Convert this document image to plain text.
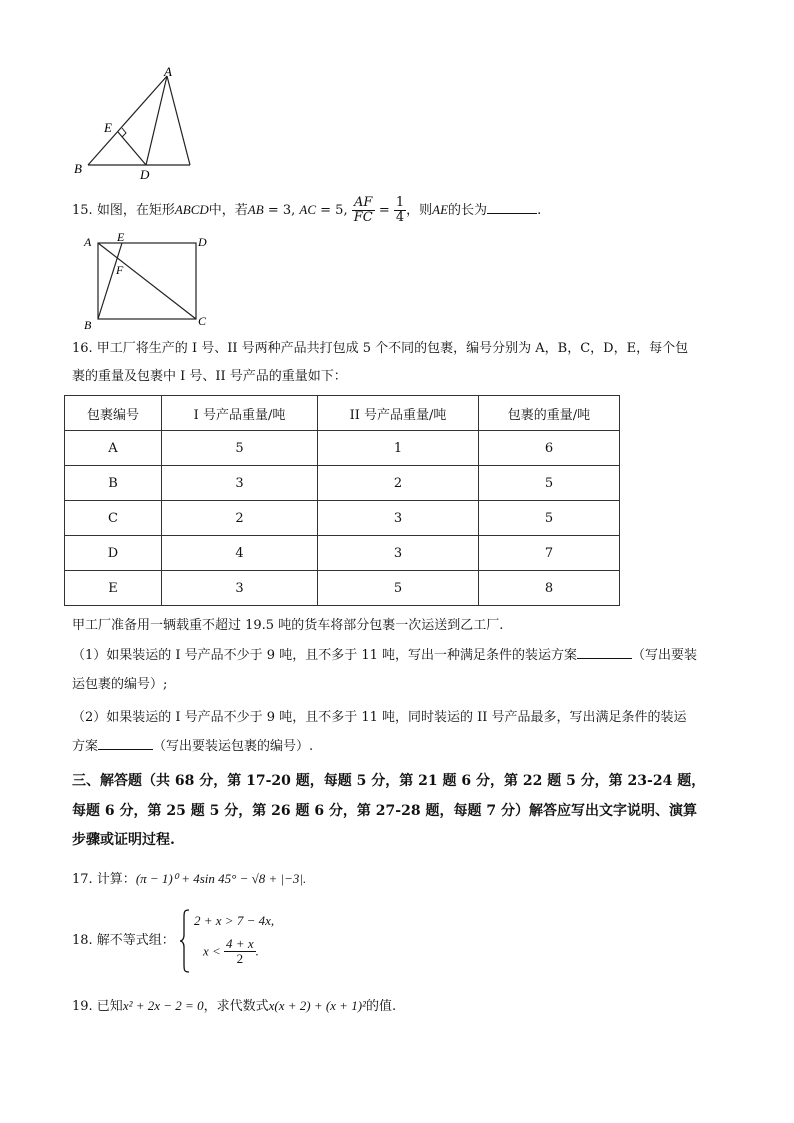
A
E
B	D
15. 如图，在矩形ABCD中，若AB = 3, AC = 5, $\frac{AF}{FC} = \frac{1}{4}$ ，则AE的长为	.
A E	D
F
B	C
16. 甲工厂将生产的 I 号、II 号两种产品共打包成 5 个不同的包裹，编号分别为 A，B，C，D，E，每个包
裹的重量及包裹中 I 号、II 号产品的重量如下：
包裹编号	I 号产品重量/吨	II 号产品重量/吨	包裹的重量/吨
A	5	1	6
B	3	2	5
C	2	3	5
D	4	3	7
E	3	5	8
甲工厂准备用一辆载重不超过 19.5 吨的货车将部分包裹一次运送到乙工厂.
（1）如果装运的 I 号产品不少于 9 吨，且不多于 11 吨，写出一种满足条件的装运方案	（写出要装
运包裹的编号）;
（2）如果装运的 I 号产品不少于 9 吨，且不多于 11 吨，同时装运的 II 号产品最多，写出满足条件的装运
方案	（写出要装运包裹的编号）.
三、解答题（共 68 分，第 17-20 题，每题 5 分，第 21 题 6 分，第 22 题 5 分，第 23-24 题，
每题 6 分，第 25 题 5 分，第 26 题 6 分，第 27-28 题，每题 7 分）解答应写出文字说明、演算
步骤或证明过程.
17. 计算：(π − 1)⁰ + 4sin 45° − √8 + |−3|.
18. 解不等式组：
2 + x > 7 − 4x,
$x < \frac{4 + x}{2}$ .
19. 已知x² + 2x − 2 = 0，求代数式x(x + 2) + (x + 1)²的值.
